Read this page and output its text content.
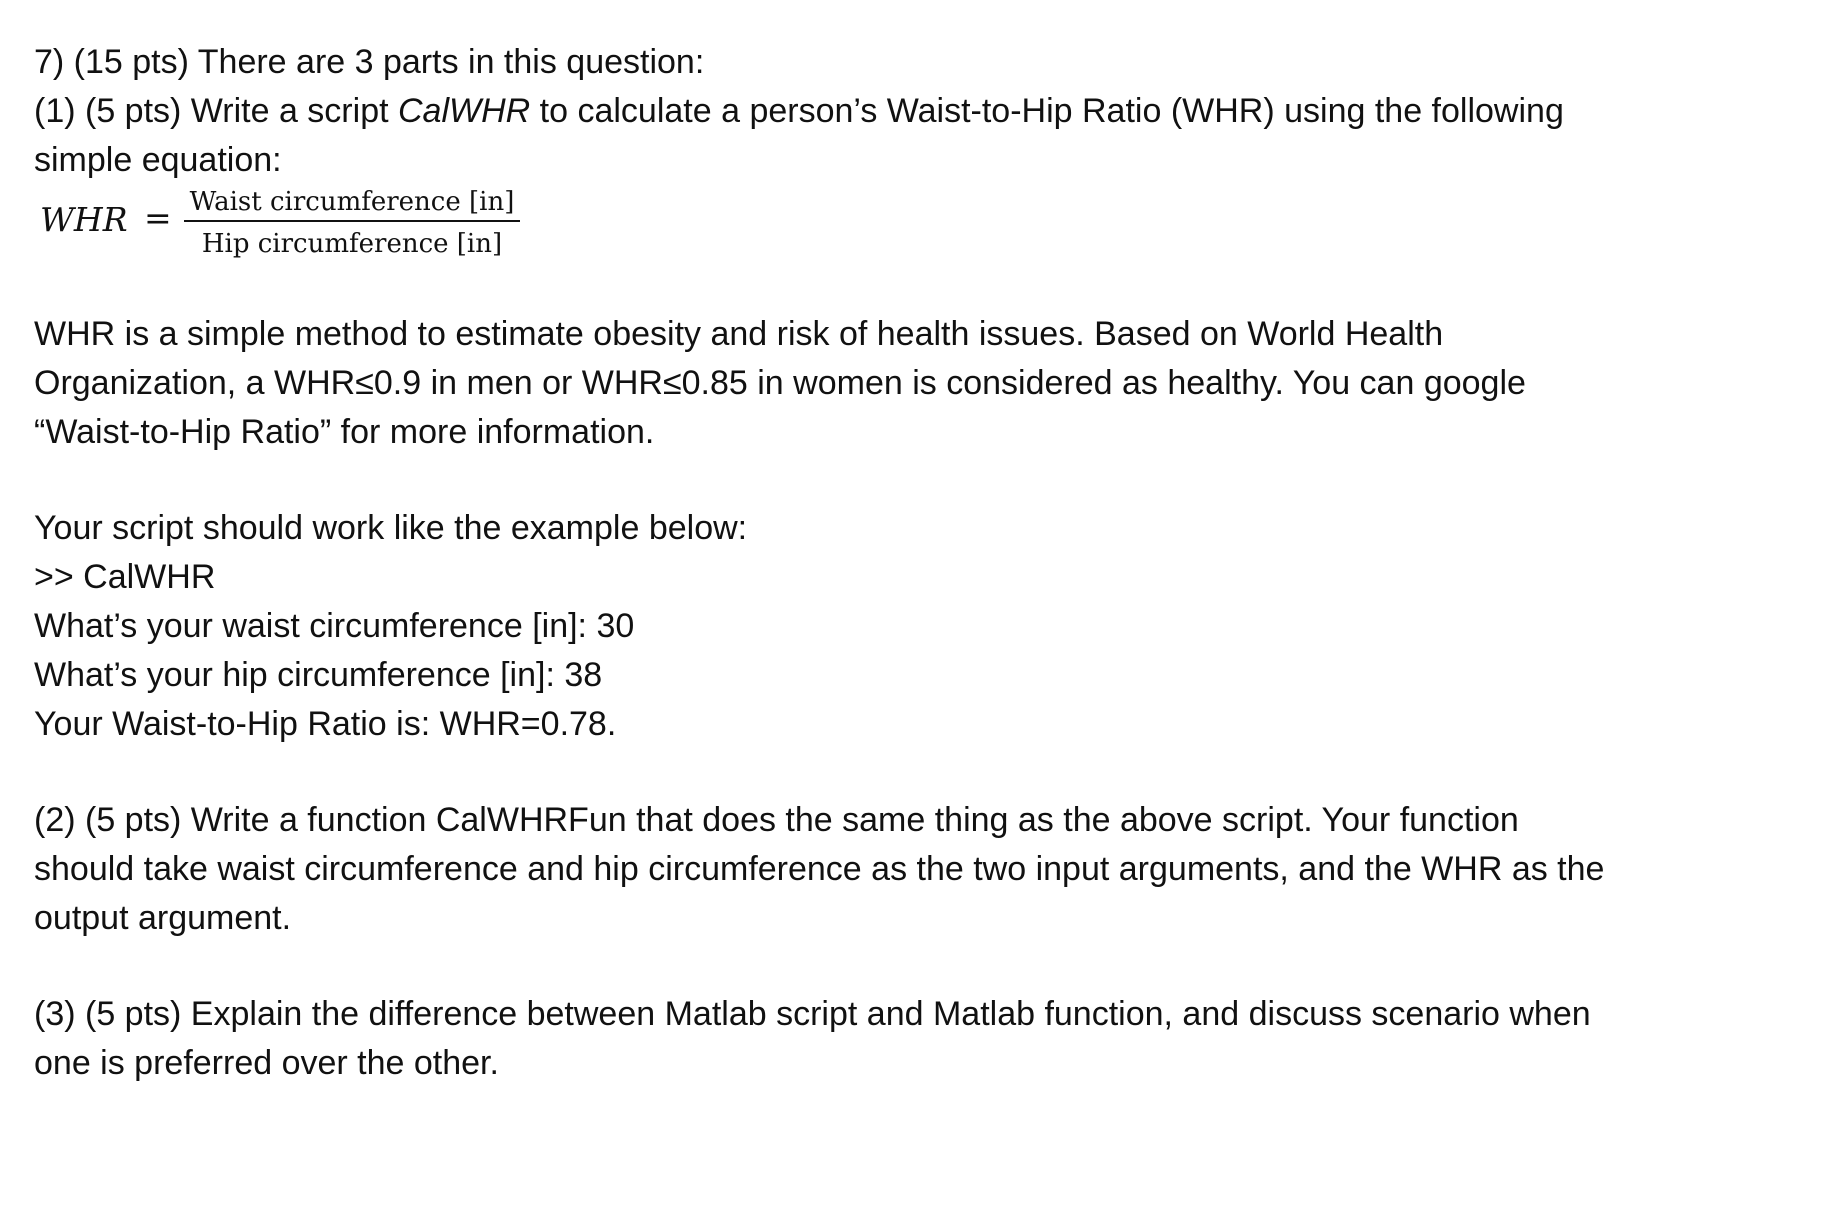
7) (15 pts) There are 3 parts in this question:

(1) (5 pts) Write a script CalWHR to calculate a person’s Waist-to-Hip Ratio (WHR) using the following

simple equation:

WHR = Waist circumference [in]
Hip circumference [in]

WHR is a simple method to estimate obesity and risk of health issues. Based on World Health

Organization, a WHR≤0.9 in men or WHR≤0.85 in women is considered as healthy. You can google

“Waist-to-Hip Ratio” for more information.

Your script should work like the example below:

>> CalWHR

What’s your waist circumference [in]: 30

What’s your hip circumference [in]: 38

Your Waist-to-Hip Ratio is: WHR=0.78.

(2) (5 pts) Write a function CalWHRFun that does the same thing as the above script. Your function

should take waist circumference and hip circumference as the two input arguments, and the WHR as the

output argument.

(3) (5 pts) Explain the difference between Matlab script and Matlab function, and discuss scenario when

one is preferred over the other.
